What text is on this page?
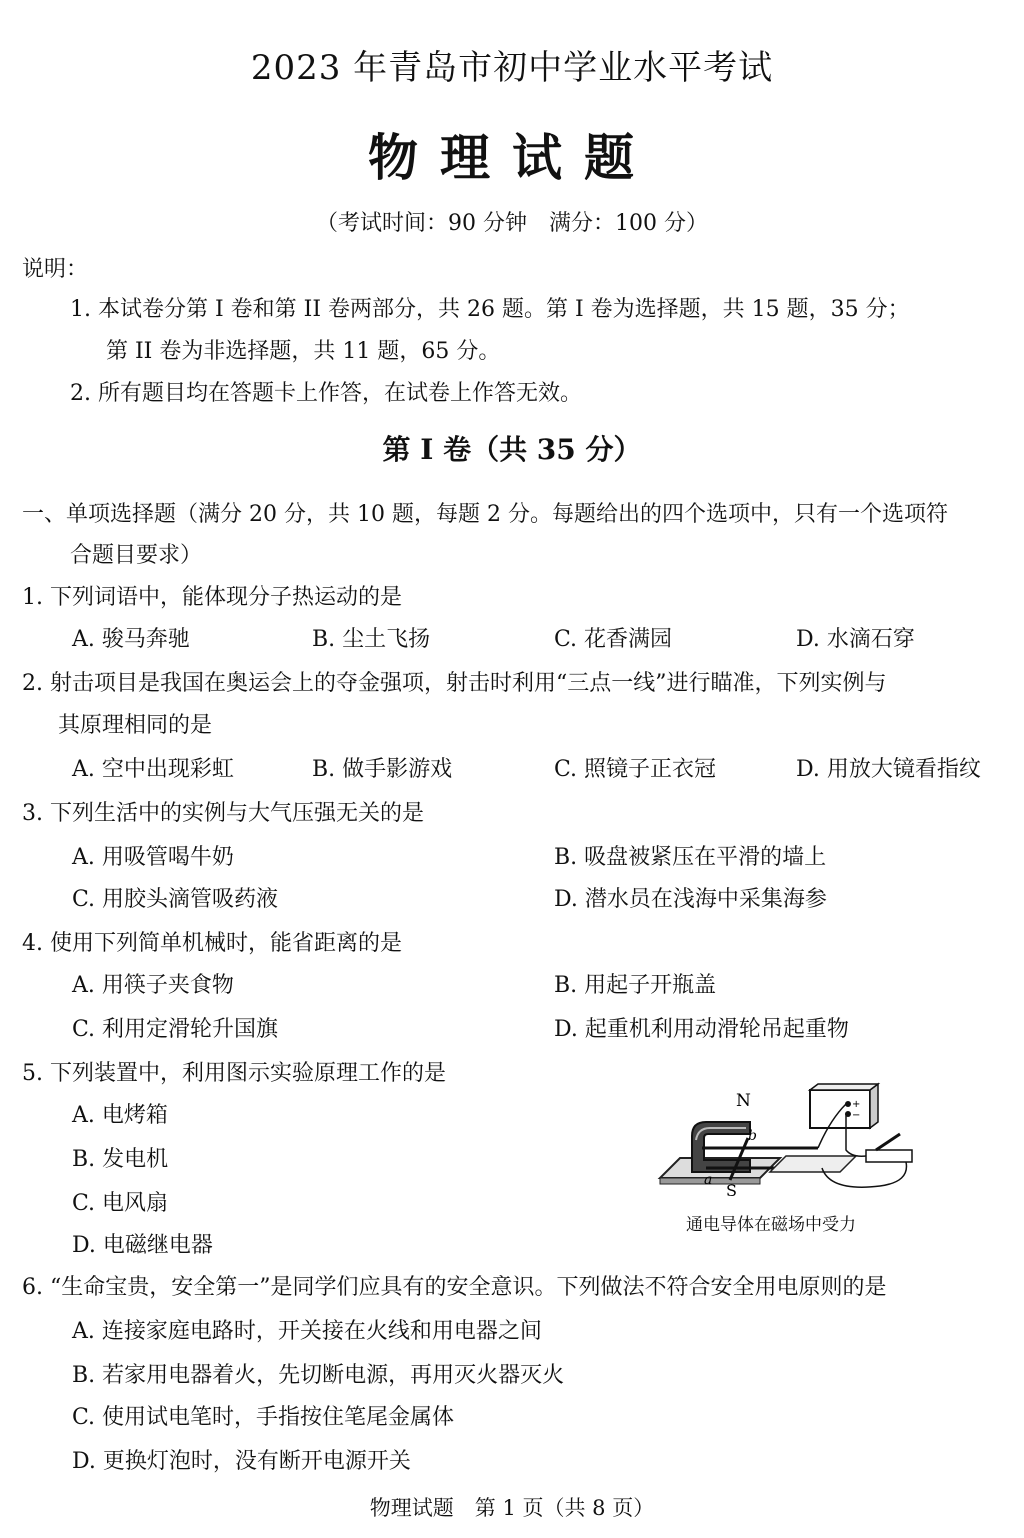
2023 年青岛市初中学业水平考试
物理试题
（考试时间：90 分钟　满分：100 分）
说明：
1. 本试卷分第 I 卷和第 II 卷两部分，共 26 题。第 I 卷为选择题，共 15 题，35 分；
第 II 卷为非选择题，共 11 题，65 分。
2. 所有题目均在答题卡上作答，在试卷上作答无效。
第 I 卷（共 35 分）
一、单项选择题（满分 20 分，共 10 题，每题 2 分。每题给出的四个选项中，只有一个选项符
合题目要求）
1. 下列词语中，能体现分子热运动的是
A. 骏马奔驰	B. 尘土飞扬	C. 花香满园	D. 水滴石穿
2. 射击项目是我国在奥运会上的夺金强项，射击时利用“三点一线”进行瞄准，下列实例与
其原理相同的是
A. 空中出现彩虹	B. 做手影游戏	C. 照镜子正衣冠	D. 用放大镜看指纹
3. 下列生活中的实例与大气压强无关的是
A. 用吸管喝牛奶	B. 吸盘被紧压在平滑的墙上
C. 用胶头滴管吸药液	D. 潜水员在浅海中采集海参
4. 使用下列简单机械时，能省距离的是
A. 用筷子夹食物	B. 用起子开瓶盖
C. 利用定滑轮升国旗	D. 起重机利用动滑轮吊起重物
5. 下列装置中，利用图示实验原理工作的是
A. 电烤箱
B. 发电机
C. 电风扇
D. 电磁继电器
+
−
N
S
b
a
通电导体在磁场中受力
6. “生命宝贵，安全第一”是同学们应具有的安全意识。下列做法不符合安全用电原则的是
A. 连接家庭电路时，开关接在火线和用电器之间
B. 若家用电器着火，先切断电源，再用灭火器灭火
C. 使用试电笔时，手指按住笔尾金属体
D. 更换灯泡时，没有断开电源开关
物理试题　第 1 页（共 8 页）
